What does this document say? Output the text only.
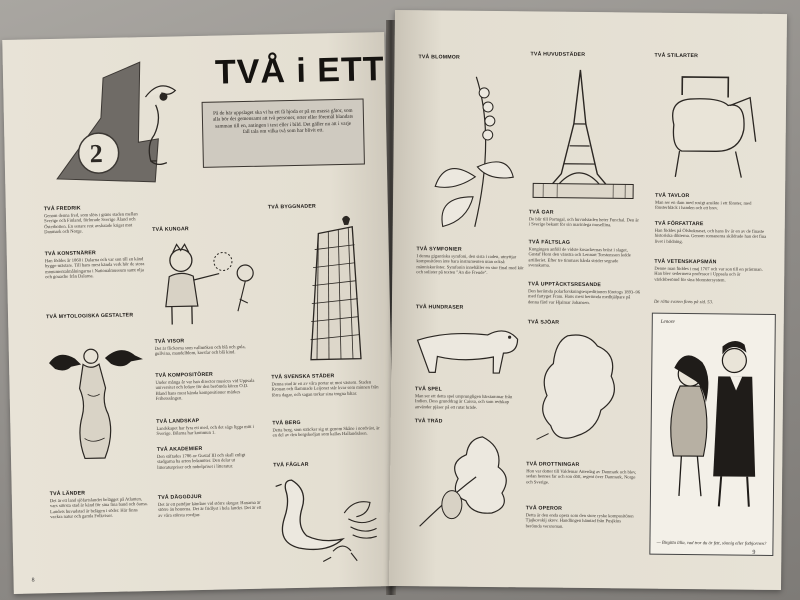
2
TVÅ i ETT

På de här uppslaget ska vi ha ett få hjoda er på en massa gåtor, som alla bör det gemensamt att två personer, orter eller föremål blandats samman till en, antingen i text eller i bild. Det gäller nu att i varje fall tala om vilka två som har blivit ett.

TVÅ FREDRIK

Genom denna fred, som slöts i gräns staden mellan Sverige och Finland, förlorade Sverige Åland och Österbotten. En senare rest avslutade kriget mot Danmark och Norge.

TVÅ KONSTNÄRER

Han föddes år 1860 i Dalarna och var son till en känd bygge-mästare. Till hans mest kända verk hör de stora monumentalmålningarna i Nationalmuseum samt olja och gouache från Dalarna.

TVÅ MYTOLOGISKA GESTALTER

TVÅ LÄNDER

Det är ett land sjöfartslandet belägget på Atlanten, vars största stad är känd för sina fina band och öarna. Landets huvudstad är belägen i söder. Här finns vackra natur och gamla Folkvisor.

TVÅ KUNGAR

TVÅ VISOR

Det är flickorna som vallmöken och blå och gula, gullvina, mandelblom, korsfar och blå kind.

TVÅ KOMPOSITÖRER

Under många år var han director musices vid Uppsala universitet och ledare för den berömda kören O.D. Bland hans mest kända kompositioner märkes Frihetssången.

TVÅ LANDSKAP

Landskapet har fyra ett med, och det sägs ligga mitt i Sverige. Bilarna har kommun 1.

TVÅ AKADEMIER

Den stiftades 1786 av Gustaf III och skall enligt stadgarna ha arton ledamöter. Den delar ut litteraturpriser och nobelpriset i litteratur.

TVÅ DÄGGDJUR

Det är ett pattdjur kändare vid större skogar. Hanarna är större än honorna. Det är fridlyst i hela landet. Det är ett av våra största rovdjur.

TVÅ BYGGNADER

TVÅ SVENSKA STÄDER

Denna stad är en av våra portar ut mot västern. Staden Kronan och flammade Leijonet står kvar som minnen från förra dagar, och sagan torkar sina trogna båtar.

TVÅ BERG

Detta berg, som sträcker sig ut genom Skåne i nordväst, är en del av den bergskedjan som kallas Hallandsåsen.

TVÅ FÅGLAR

8

TVÅ BLOMMOR

TVÅ SYMFONIER

I denna gigantiska symfoni, den sista i raden, utnyttjar kompositören inte bara instrumenten utan också människoröster. Symfonin innehåller en stor final med kör och solister på texten "An die Freude".

TVÅ HUNDRASER

TVÅ SPEL

Man ser ett detta spel ursprungligen härstammar från Indien. Dess grunddrag är Caissa, och som redskap använder pjäser på ett rutat bräde.

TVÅ TRÄD

TVÅ HUVUDSTÄDER

TVÅ GAR

De blir till Portugal, och huvudstaden heter Funchal. Den är i Sverige bekant för sin marinlega mosellina.

TVÅ FÄLTSLAG

Kungingen anföll de vidste kosackernas bröst i slaget, Gustaf Horn den vänstra och Lennart Torstensson ledde artilleriet. Efter tre timmars hårda strider segrade svenskarna.

TVÅ UPPTÄCKTSRESANDE

Den berömda polarforskningsexpeditionen företogs 1893–96 med fartyget Fram. Hans mest berömda medhjälpare på denna färd var Hjalmar Johansen.

TVÅ SJÖAR

TVÅ DROTTNINGAR

Hon var dotter till Valdemar Atterdag av Danmark och blev, sedan hennes far och son dött, regent över Danmark, Norge och Sverige.

TVÅ OPEROR

Detta är den enda opera som den store ryske kompositören Tjajkovskij skrev. Handlingen hämtad från Pusjkins berömda versroman.

TVÅ STILARTER

TVÅ TAVLOR

Man ser en dam med rosigt ansikte i ett fönster, med fönsterbläck i handen och ett brev.

TVÅ FÖRFATTARE

Han föddes på Ölsboknaset, och hans liv är en av de finaste historiska dikterna. Genom romanerna skildrade han det fina livet i bildning.

TVÅ VETENSKAPSMÄN

Denne man föddes i maj 1707 och var son till en prästman. Han blev sedermera professor i Uppsala och är världsberömd för sina blomstersystem.

De rätta svaren finns på sid. 53.

Lenore
— Birgitta lilla, vad tror du är fett, sönnig eller fotbjornen?
9
